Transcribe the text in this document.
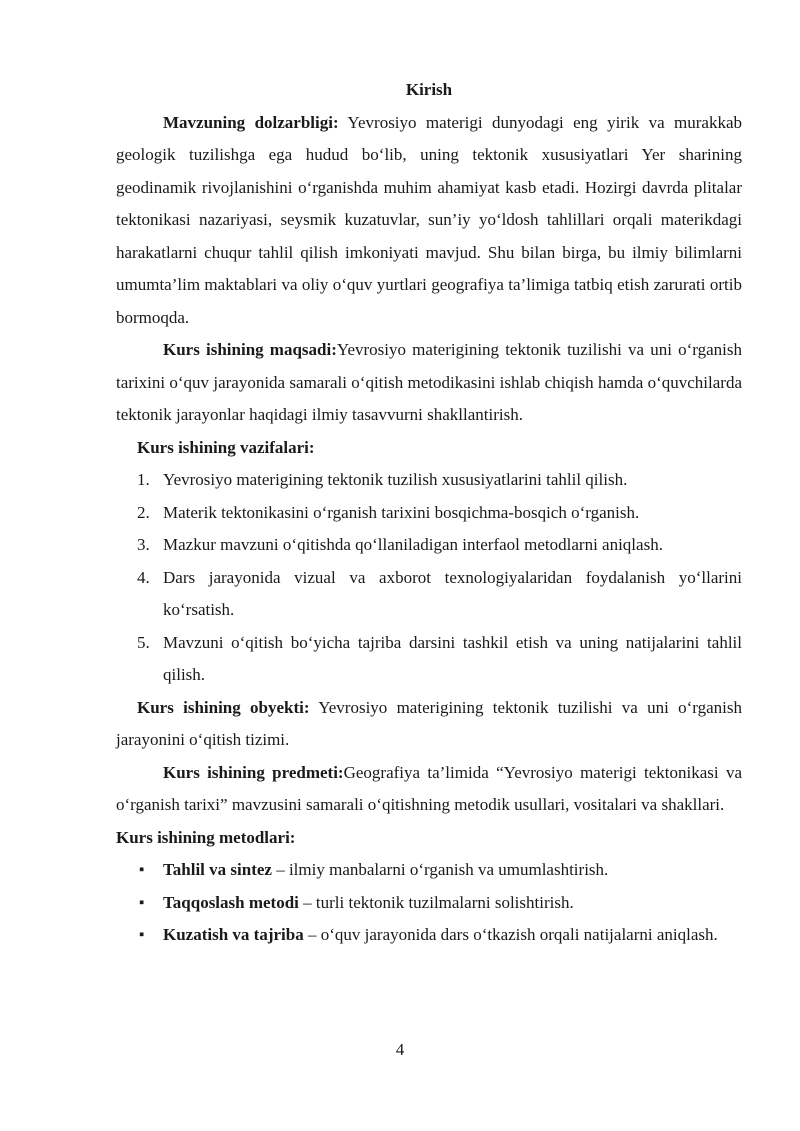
Kirish

Mavzuning dolzarbligi: Yevrosiyo materigi dunyodagi eng yirik va murakkab geologik tuzilishga ega hudud bo‘lib, uning tektonik xususiyatlari Yer sharining geodinamik rivojlanishini o‘rganishda muhim ahamiyat kasb etadi. Hozirgi davrda plitalar tektonikasi nazariyasi, seysmik kuzatuvlar, sun’iy yo‘ldosh tahlillari orqali materikdagi harakatlarni chuqur tahlil qilish imkoniyati mavjud. Shu bilan birga, bu ilmiy bilimlarni umumta’lim maktablari va oliy o‘quv yurtlari geografiya ta’limiga tatbiq etish zarurati ortib bormoqda.

Kurs ishining maqsadi:Yevrosiyo materigining tektonik tuzilishi va uni o‘rganish tarixini o‘quv jarayonida samarali o‘qitish metodikasini ishlab chiqish hamda o‘quvchilarda tektonik jarayonlar haqidagi ilmiy tasavvurni shakllantirish.

Kurs ishining vazifalari:

1. Yevrosiyo materigining tektonik tuzilish xususiyatlarini tahlil qilish.
2. Materik tektonikasini o‘rganish tarixini bosqichma-bosqich o‘rganish.
3. Mazkur mavzuni o‘qitishda qo‘llaniladigan interfaol metodlarni aniqlash.
4. Dars jarayonida vizual va axborot texnologiyalaridan foydalanish yo‘llarini ko‘rsatish.
5. Mavzuni o‘qitish bo‘yicha tajriba darsini tashkil etish va uning natijalarini tahlil qilish.

Kurs ishining obyekti: Yevrosiyo materigining tektonik tuzilishi va uni o‘rganish jarayonini o‘qitish tizimi.

Kurs ishining predmeti:Geografiya ta’limida “Yevrosiyo materigi tektonikasi va o‘rganish tarixi” mavzusini samarali o‘qitishning metodik usullari, vositalari va shakllari.

Kurs ishining metodlari:

▪ Tahlil va sintez – ilmiy manbalarni o‘rganish va umumlashtirish.
▪ Taqqoslash metodi – turli tektonik tuzilmalarni solishtirish.
▪ Kuzatish va tajriba – o‘quv jarayonida dars o‘tkazish orqali natijalarni aniqlash.
4
